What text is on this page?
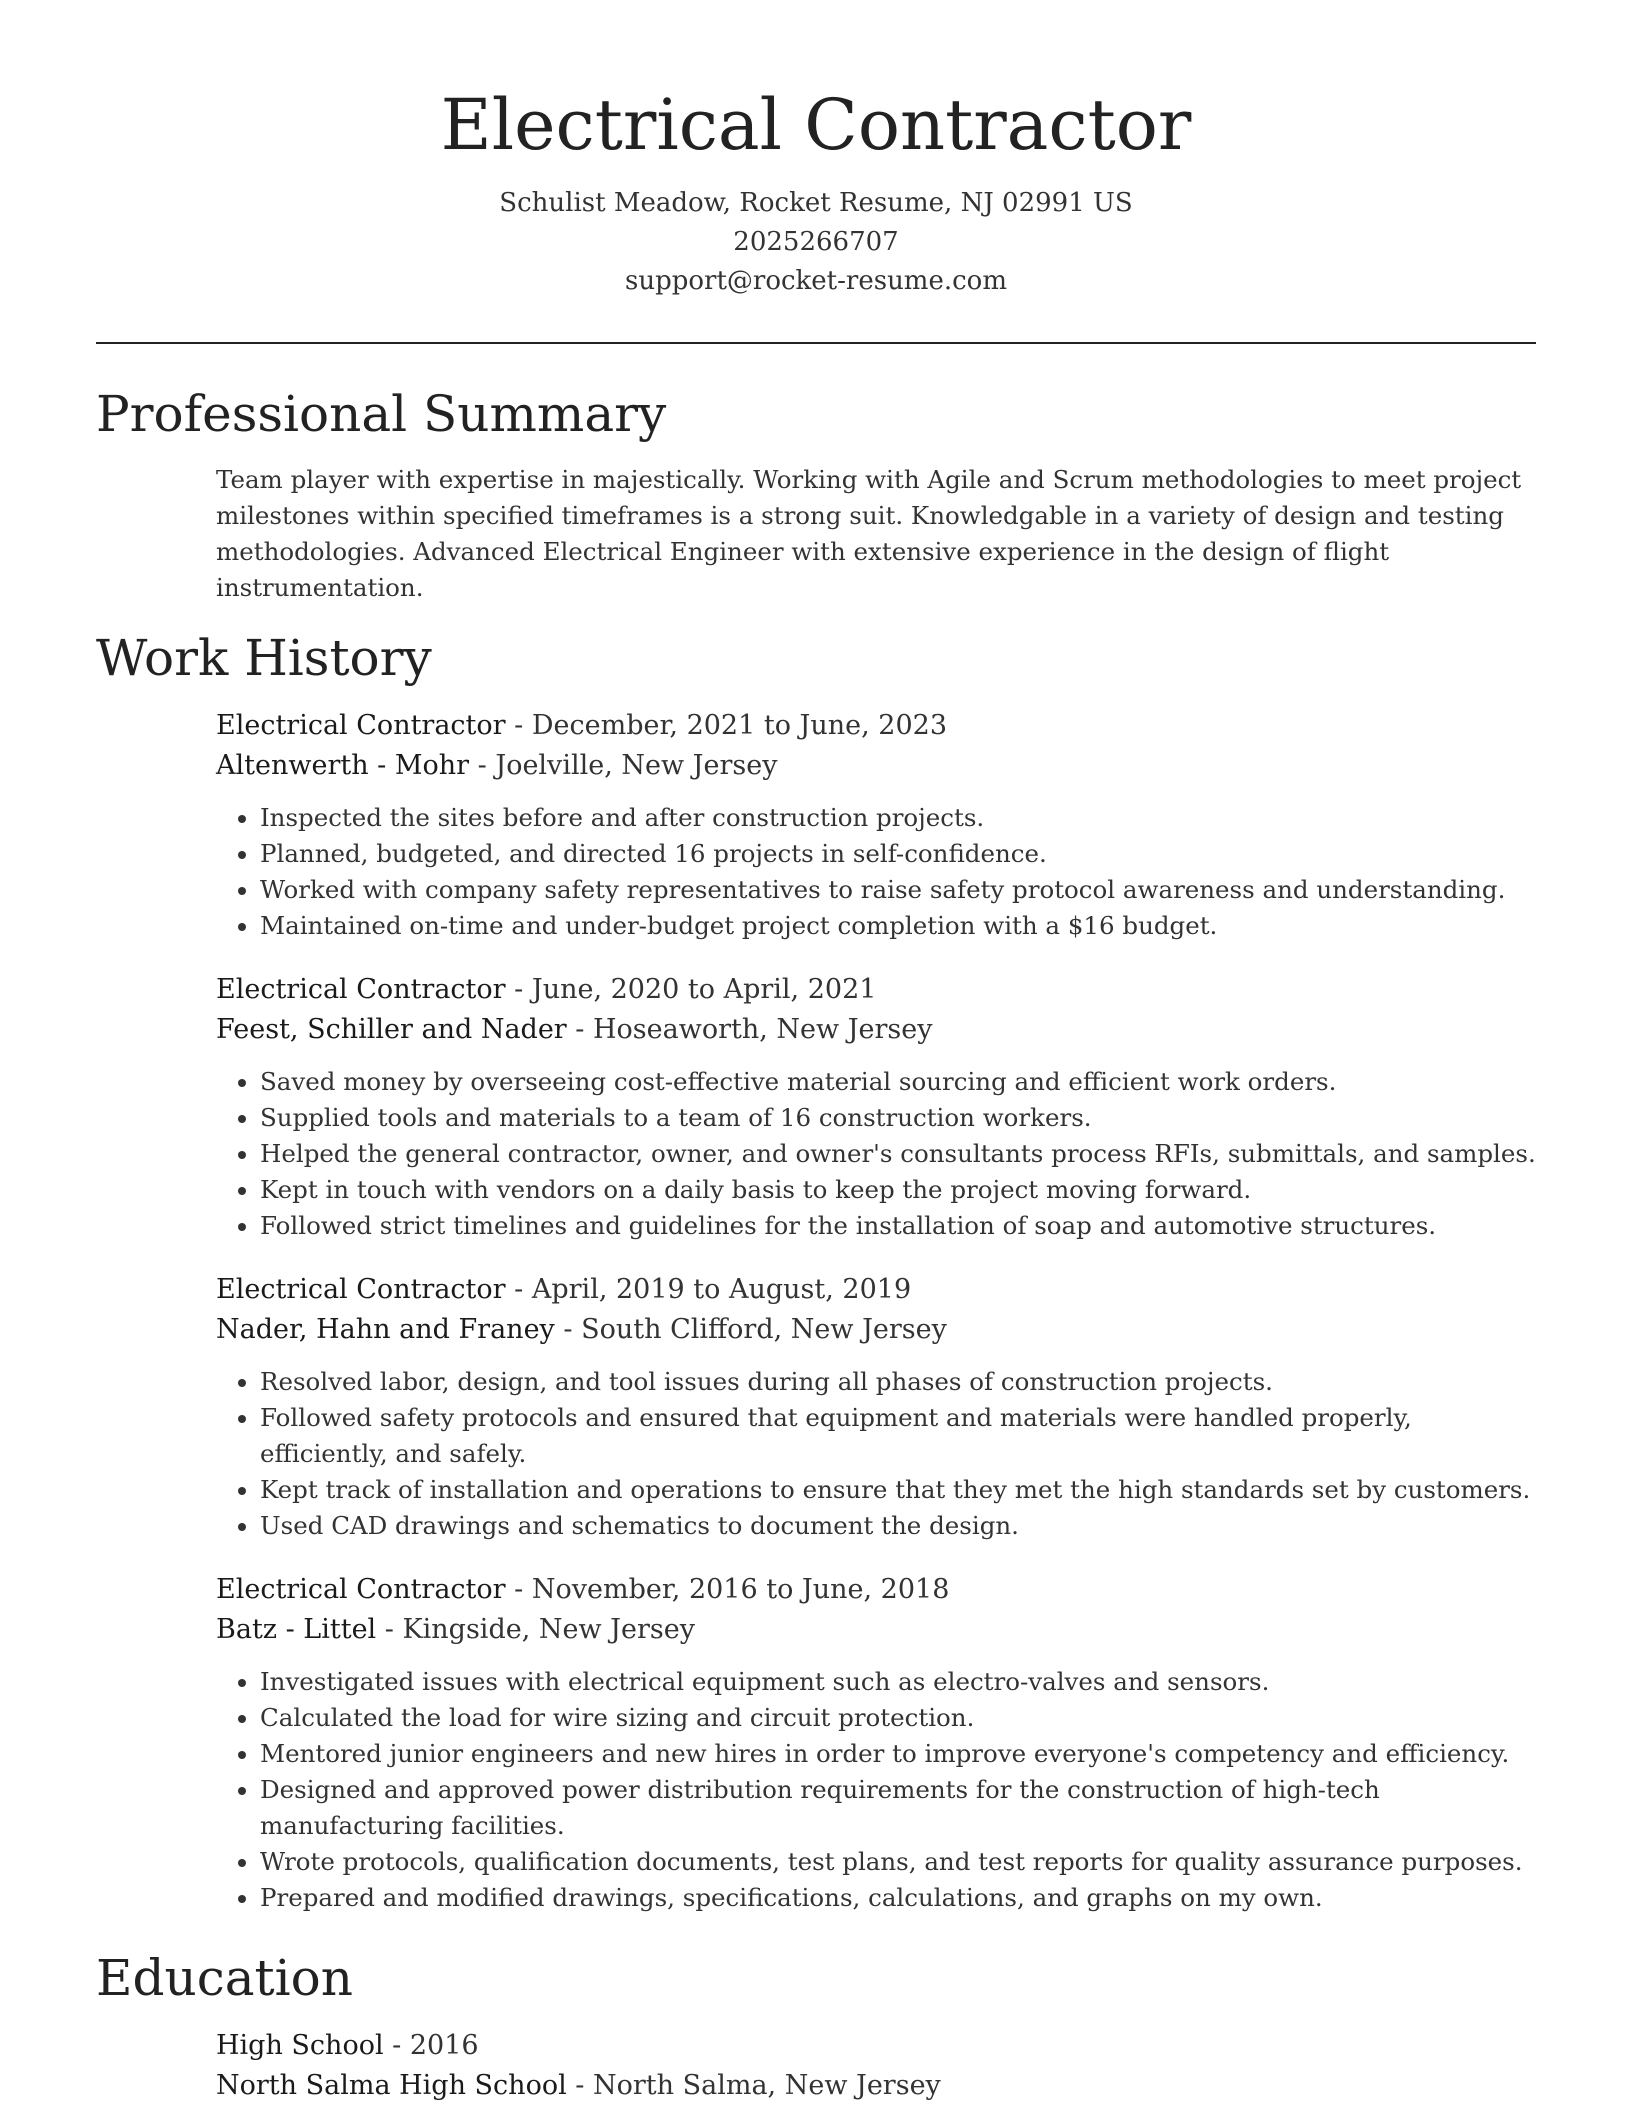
Electrical Contractor
Schulist Meadow, Rocket Resume, NJ 02991 US
2025266707
support@rocket-resume.com
Professional Summary

Team player with expertise in majestically. Working with Agile and Scrum methodologies to meet project milestones within specified timeframes is a strong suit. Knowledgable in a variety of design and testing methodologies. Advanced Electrical Engineer with extensive experience in the design of flight instrumentation.

Work History
Electrical Contractor - December, 2021 to June, 2023
Altenwerth - Mohr - Joelville, New Jersey
• Inspected the sites before and after construction projects.
• Planned, budgeted, and directed 16 projects in self-confidence.
• Worked with company safety representatives to raise safety protocol awareness and understanding.
• Maintained on-time and under-budget project completion with a $16 budget.
Electrical Contractor - June, 2020 to April, 2021
Feest, Schiller and Nader - Hoseaworth, New Jersey
• Saved money by overseeing cost-effective material sourcing and efficient work orders.
• Supplied tools and materials to a team of 16 construction workers.
• Helped the general contractor, owner, and owner's consultants process RFIs, submittals, and samples.
• Kept in touch with vendors on a daily basis to keep the project moving forward.
• Followed strict timelines and guidelines for the installation of soap and automotive structures.
Electrical Contractor - April, 2019 to August, 2019
Nader, Hahn and Franey - South Clifford, New Jersey
• Resolved labor, design, and tool issues during all phases of construction projects.
• Followed safety protocols and ensured that equipment and materials were handled properly, efficiently, and safely.
• Kept track of installation and operations to ensure that they met the high standards set by customers.
• Used CAD drawings and schematics to document the design.
Electrical Contractor - November, 2016 to June, 2018
Batz - Littel - Kingside, New Jersey
• Investigated issues with electrical equipment such as electro-valves and sensors.
• Calculated the load for wire sizing and circuit protection.
• Mentored junior engineers and new hires in order to improve everyone's competency and efficiency.
• Designed and approved power distribution requirements for the construction of high-tech manufacturing facilities.
• Wrote protocols, qualification documents, test plans, and test reports for quality assurance purposes.
• Prepared and modified drawings, specifications, calculations, and graphs on my own.
Education
High School - 2016
North Salma High School - North Salma, New Jersey
